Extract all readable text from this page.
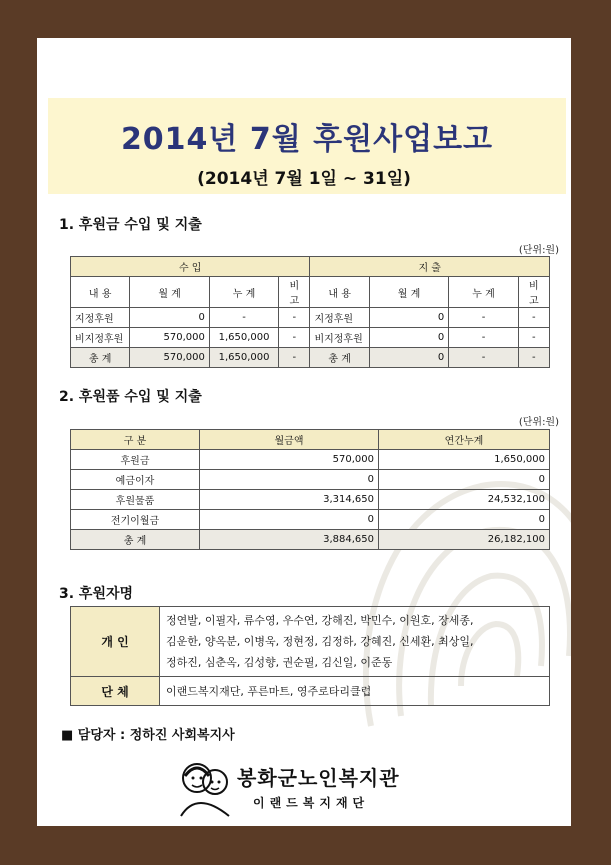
2014년 7월 후원사업보고
(2014년 7월 1일 ~ 31일)
1. 후원금 수입 및 지출
(단위:원)
수 입				지 출			
내 용	월 계	누 계	비 고	내 용	월 계	누 계	비 고
지정후원	0	-	-	지정후원	0	-	-
비지정후원	570,000	1,650,000	-	비지정후원	0	-	-
총 계	570,000	1,650,000	-	총 계	0	-	-
2. 후원품 수입 및 지출
(단위:원)
구 분	월금액	연간누계
후원금	570,000	1,650,000
예금이자	0	0
후원물품	3,314,650	24,532,100
전기이월금	0	0
총 계	3,884,650	26,182,100
3. 후원자명
개 인	정연발, 이필자, 류수영, 우수연, 강해진, 박민수, 이원호, 장세종,
김운한, 양옥분, 이병욱, 정현정, 김정하, 강혜진, 신세환, 최상일,
정하진, 심춘옥, 김성향, 권순필, 김신일, 이준동

단 체	이랜드복지재단, 푸른마트, 영주로타리클럽
■ 담당자 : 정하진 사회복지사
봉화군노인복지관
이랜드복지재단
